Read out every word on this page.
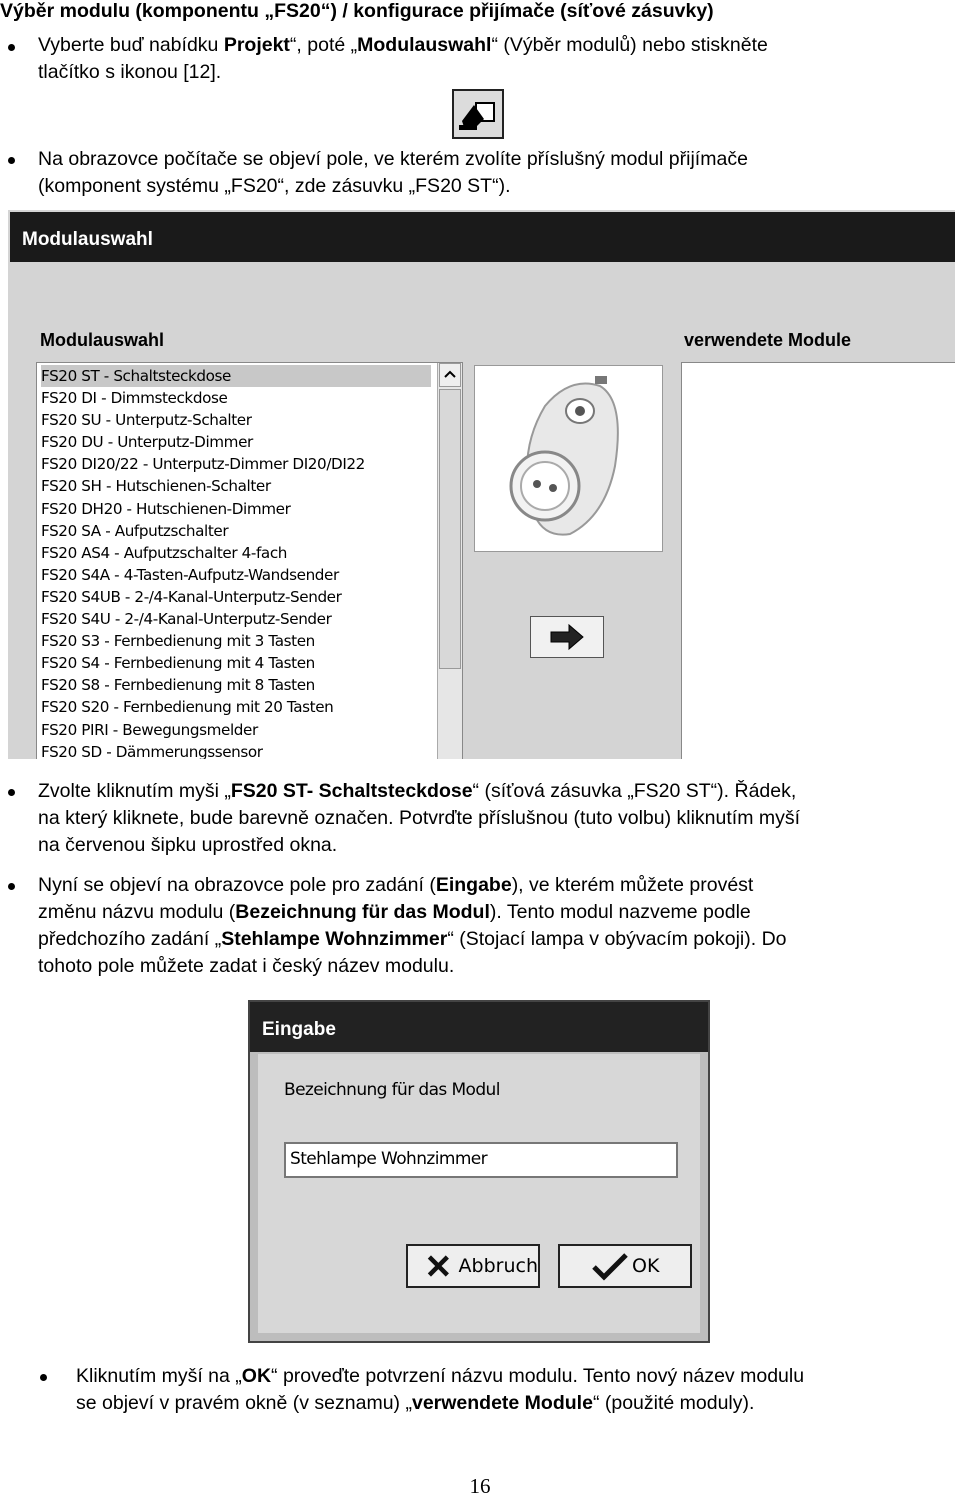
Výběr modulu (komponentu „FS20“) / konfigurace přijímače (síťové zásuvky)
Vyberte buď nabídku Projekt“, poté „Modulauswahl“ (Výběr modulů) nebo stiskněte
tlačítko s ikonou [12].
Na obrazovce počítače se objeví pole, ve kterém zvolíte příslušný modul přijímače
(komponent systému „FS20“, zde zásuvku „FS20 ST“).
Modulauswahl
Modulauswahl	verwendete Module
FS20 ST - Schaltsteckdose
FS20 DI - Dimmsteckdose
FS20 SU - Unterputz-Schalter
FS20 DU - Unterputz-Dimmer
FS20 DI20/22 - Unterputz-Dimmer DI20/DI22
FS20 SH - Hutschienen-Schalter
FS20 DH20 - Hutschienen-Dimmer
FS20 SA - Aufputzschalter
FS20 AS4 - Aufputzschalter 4-fach
FS20 S4A - 4-Tasten-Aufputz-Wandsender
FS20 S4UB - 2-/4-Kanal-Unterputz-Sender
FS20 S4U - 2-/4-Kanal-Unterputz-Sender
FS20 S3 - Fernbedienung mit 3 Tasten
FS20 S4 - Fernbedienung mit 4 Tasten
FS20 S8 - Fernbedienung mit 8 Tasten
FS20 S20 - Fernbedienung mit 20 Tasten
FS20 PIRI - Bewegungsmelder
FS20 SD - Dämmerungssensor
Zvolte kliknutím myši „FS20 ST- Schaltsteckdose“ (síťová zásuvka „FS20 ST“). Řádek,
na který kliknete, bude barevně označen. Potvrďte příslušnou (tuto volbu) kliknutím myší
na červenou šipku uprostřed okna.
Nyní se objeví na obrazovce pole pro zadání (Eingabe), ve kterém můžete provést
změnu názvu modulu (Bezeichnung für das Modul). Tento modul nazveme podle
předchozího zadání „Stehlampe Wohnzimmer“ (Stojací lampa v obývacím pokoji). Do
tohoto pole můžete zadat i český název modulu.
Eingabe
Bezeichnung für das Modul
Stehlampe Wohnzimmer
Abbruch	OK
Kliknutím myší na „OK“ proveďte potvrzení názvu modulu. Tento nový název modulu
se objeví v pravém okně (v seznamu) „verwendete Module“ (použité moduly).
16
